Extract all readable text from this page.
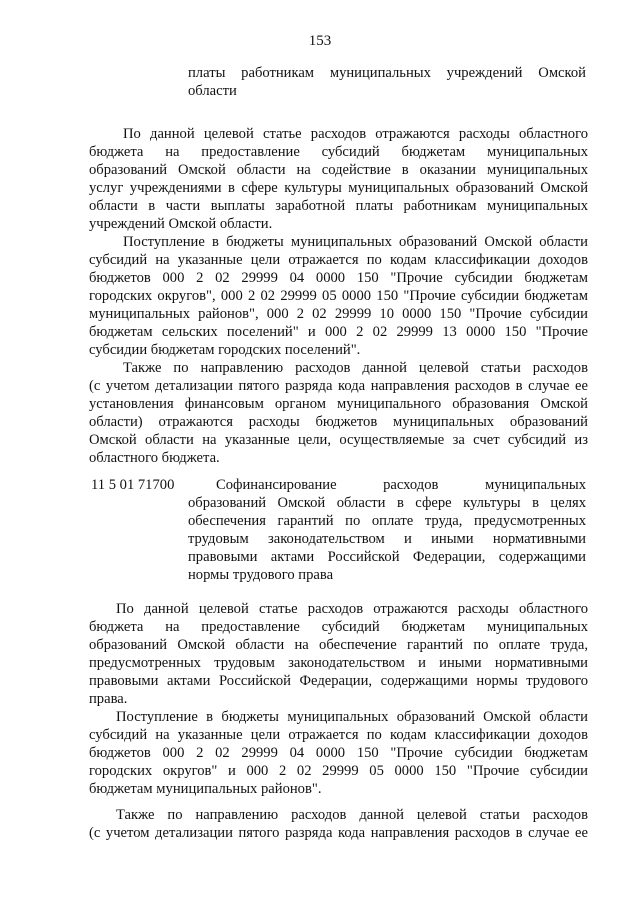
153
платы работникам муниципальных учреждений Омской
области
По данной целевой статье расходов отражаются расходы областного
бюджета на предоставление субсидий бюджетам муниципальных
образований Омской области на содействие в оказании муниципальных
услуг учреждениями в сфере культуры муниципальных образований Омской
области в части выплаты заработной платы работникам муниципальных
учреждений Омской области.
Поступление в бюджеты муниципальных образований Омской области
субсидий на указанные цели отражается по кодам классификации доходов
бюджетов 000 2 02 29999 04 0000 150 "Прочие субсидии бюджетам
городских округов", 000 2 02 29999 05 0000 150 "Прочие субсидии бюджетам
муниципальных районов", 000 2 02 29999 10 0000 150 "Прочие субсидии
бюджетам сельских поселений" и 000 2 02 29999 13 0000 150 "Прочие
субсидии бюджетам городских поселений".
Также по направлению расходов данной целевой статьи расходов
(с учетом детализации пятого разряда кода направления расходов в случае ее
установления финансовым органом муниципального образования Омской
области) отражаются расходы бюджетов муниципальных образований
Омской области на указанные цели, осуществляемые за счет субсидий из
областного бюджета.
11 5 01 71700	Софинансирование расходов муниципальных
образований Омской области в сфере культуры в целях
обеспечения гарантий по оплате труда, предусмотренных
трудовым законодательством и иными нормативными
правовыми актами Российской Федерации, содержащими
нормы трудового права
По данной целевой статье расходов отражаются расходы областного
бюджета на предоставление субсидий бюджетам муниципальных
образований Омской области на обеспечение гарантий по оплате труда,
предусмотренных трудовым законодательством и иными нормативными
правовыми актами Российской Федерации, содержащими нормы трудового
права.
Поступление в бюджеты муниципальных образований Омской области
субсидий на указанные цели отражается по кодам классификации доходов
бюджетов 000 2 02 29999 04 0000 150 "Прочие субсидии бюджетам
городских округов" и 000 2 02 29999 05 0000 150 "Прочие субсидии
бюджетам муниципальных районов".
Также по направлению расходов данной целевой статьи расходов
(с учетом детализации пятого разряда кода направления расходов в случае ее
